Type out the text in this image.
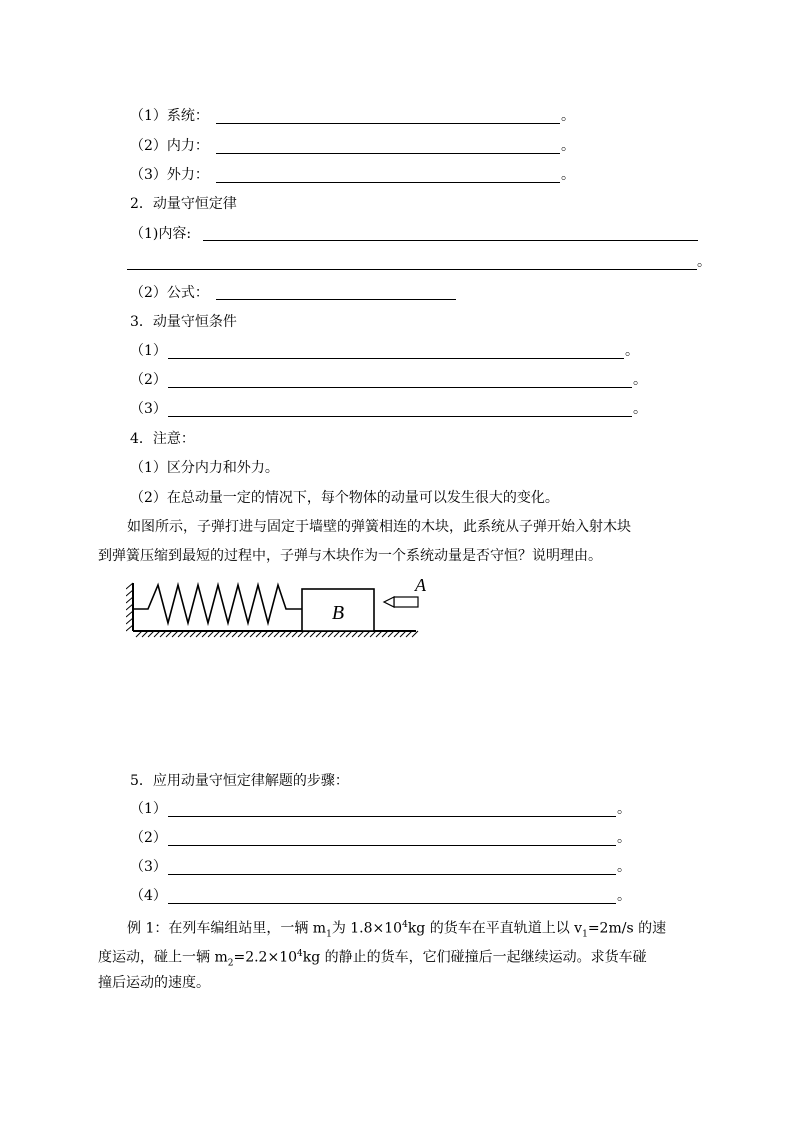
（1）系统：	。
（2）内力：	。
（3）外力：	。
2．动量守恒定律
（1)内容:
。
（2）公式：
3．动量守恒条件
（1）	。
（2）	。
（3）	。
4．注意：
（1）区分内力和外力。
（2）在总动量一定的情况下，每个物体的动量可以发生很大的变化。
如图所示，子弹打进与固定于墙壁的弹簧相连的木块，此系统从子弹开始入射木块
到弹簧压缩到最短的过程中，子弹与木块作为一个系统动量是否守恒？说明理由。
B
A
5．应用动量守恒定律解题的步骤：
（1）	。
（2）	。
（3）	。
（4）	。
例 1：在列车编组站里，一辆 $m_1$为 $1.8\times 10^4kg$ 的货车在平直轨道上以 $v_1=2m/s$ 的速
度运动，碰上一辆 $m_2=2.2\times 10^4kg$ 的静止的货车，它们碰撞后一起继续运动。求货车碰
撞后运动的速度。
